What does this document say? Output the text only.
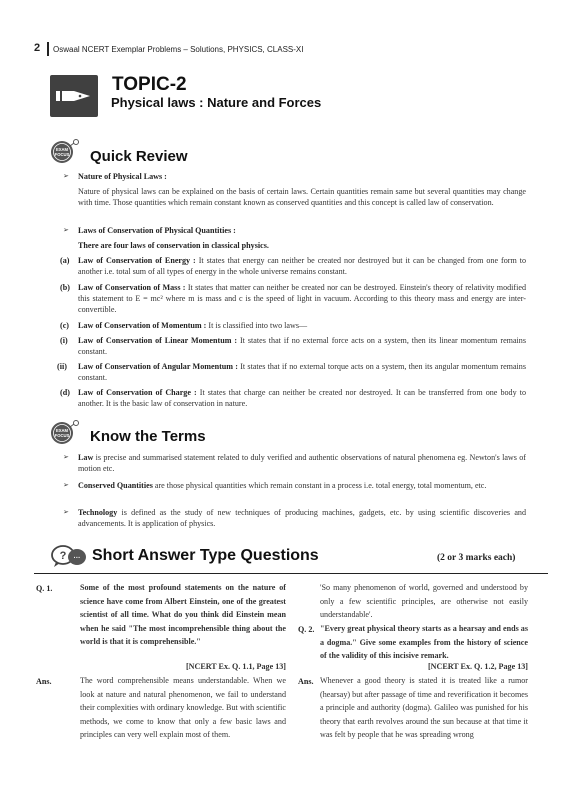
2 Oswaal NCERT Exemplar Problems – Solutions, PHYSICS, CLASS-XI
TOPIC-2
Physical laws : Nature and Forces
EXAM
FOCUS Quick Review
➢ Nature of Physical Laws :
Nature of physical laws can be explained on the basis of certain laws. Certain quantities remain same but several quantities may change with time. Those quantities which remain constant known as conserved quantities and this concept is called law of conservation.
➢ Laws of Conservation of Physical Quantities :
There are four laws of conservation in classical physics.
(a) Law of Conservation of Energy : It states that energy can neither be created nor destroyed but it can be changed from one form to another i.e. total sum of all types of energy in the whole universe remains constant.
(b) Law of Conservation of Mass : It states that matter can neither be created nor can be destroyed. Einstein's theory of relativity modified this statement to E = mc² where m is mass and c is the speed of light in vacuum. According to this theory mass and energy are inter-convertible.
(c) Law of Conservation of Momentum : It is classified into two laws—
(i) Law of Conservation of Linear Momentum : It states that if no external force acts on a system, then its linear momentum remains constant.
(ii) Law of Conservation of Angular Momentum : It states that if no external torque acts on a system, then its angular momentum remains constant.
(d) Law of Conservation of Charge : It states that charge can neither be created nor destroyed. It can be transferred from one body to another. It is the basic law of conservation in nature.
EXAM
FOCUS Know the Terms
➢ Law is precise and summarised statement related to duly verified and authentic observations of natural phenomena eg. Newton's laws of motion etc.
➢ Conserved Quantities are those physical quantities which remain constant in a process i.e. total energy, total momentum, etc.
➢ Technology is defined as the study of new techniques of producing machines, gadgets, etc. by using scientific discoveries and advancements. It is application of physics.
? ··· Short Answer Type Questions	(2 or 3 marks each)
Q. 1.	Some of the most profound statements on the nature of science have come from Albert Einstein, one of the greatest scientist of all time. What do you think did Einstein mean when he said "The most incomprehensible thing about the world is that it is comprehensible."
[NCERT Ex. Q. 1.1, Page 13]
Ans.	The word comprehensible means understandable. When we look at nature and natural phenomenon, we fail to understand their complexities with ordinary knowledge. But with scientific methods, we come to know that only a few basic laws and principles can very well explain most of them.
'So many phenomenon of world, governed and understood by only a few scientific principles, are otherwise not easily understandable'.
Q. 2. "Every great physical theory starts as a hearsay and ends as a dogma." Give some examples from the history of science of the validity of this incisive remark.
[NCERT Ex. Q. 1.2, Page 13]
Ans. Whenever a good theory is stated it is treated like a rumor (hearsay) but after passage of time and reverification it becomes a principle and authority (dogma). Galileo was punished for his theory that earth revolves around the sun because at that time it was felt by people that he was spreading wrong
